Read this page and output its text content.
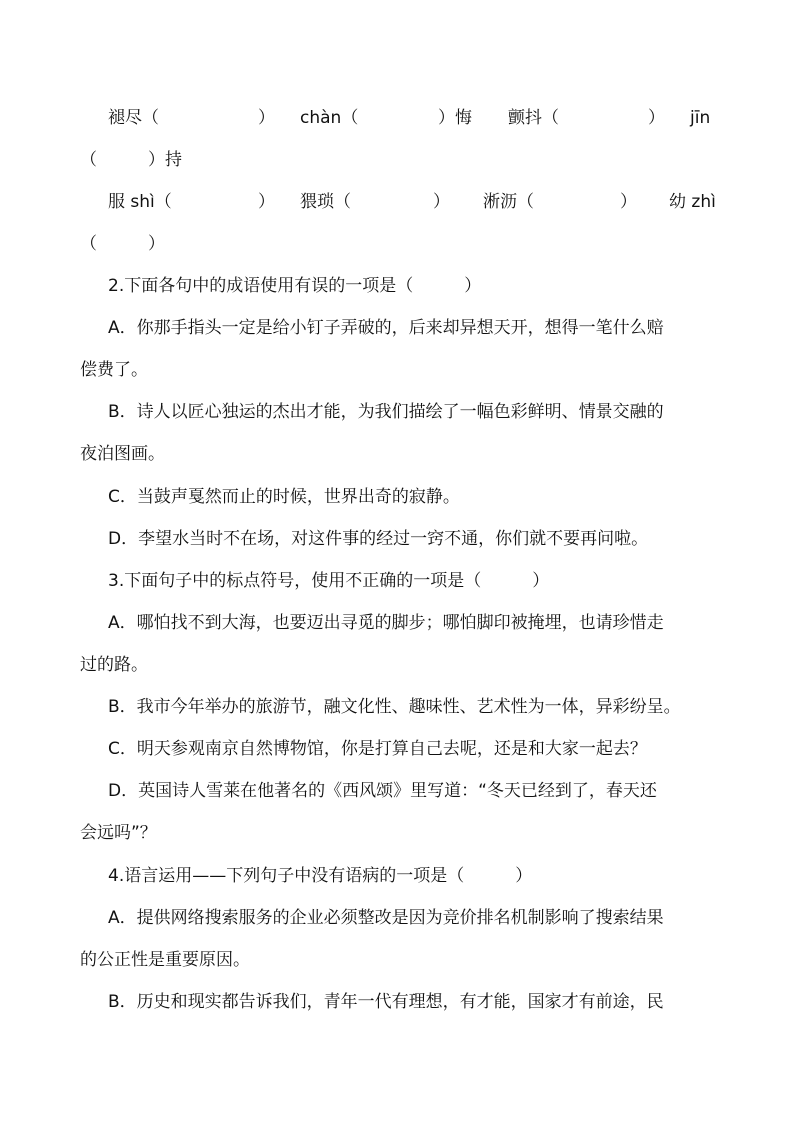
褪尽（	） chàn（	）悔 颤抖（	） jīn
（　　　）持
服 shì（	） 猥琐（	） 淅沥（	） 幼 zhì
（　　　）
2.下面各句中的成语使用有误的一项是（　　　）
A．你那手指头一定是给小钉子弄破的，后来却异想天开，想得一笔什么赔
偿费了。
B．诗人以匠心独运的杰出才能，为我们描绘了一幅色彩鲜明、情景交融的
夜泊图画。
C．当鼓声戛然而止的时候，世界出奇的寂静。
D．李望水当时不在场，对这件事的经过一窍不通，你们就不要再问啦。
3.下面句子中的标点符号，使用不正确的一项是（　　　）
A．哪怕找不到大海，也要迈出寻觅的脚步；哪怕脚印被掩埋，也请珍惜走
过的路。
B．我市今年举办的旅游节，融文化性、趣味性、艺术性为一体，异彩纷呈。
C．明天参观南京自然博物馆，你是打算自己去呢，还是和大家一起去？
D．英国诗人雪莱在他著名的《西风颂》里写道：“冬天已经到了，春天还
会远吗”？
4.语言运用——下列句子中没有语病的一项是（　　　）
A．提供网络搜索服务的企业必须整改是因为竞价排名机制影响了搜索结果
的公正性是重要原因。
B．历史和现实都告诉我们，青年一代有理想，有才能，国家才有前途，民
